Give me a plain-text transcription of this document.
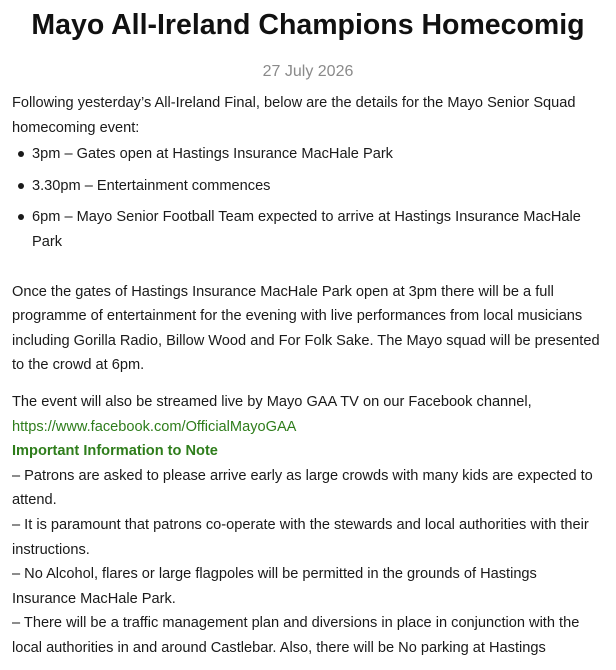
Mayo All-Ireland Champions Homecomig
27 July 2026

Following yesterday’s All-Ireland Final, below are the details for the Mayo Senior Squad homecoming event:

3pm – Gates open at Hastings Insurance MacHale Park
3.30pm – Entertainment commences
6pm – Mayo Senior Football Team expected to arrive at Hastings Insurance MacHale Park

Once the gates of Hastings Insurance MacHale Park open at 3pm there will be a full programme of entertainment for the evening with live performances from local musicians including Gorilla Radio, Billow Wood and For Folk Sake. The Mayo squad will be presented to the crowd at 6pm.

The event will also be streamed live by Mayo GAA TV on our Facebook channel, https://www.facebook.com/OfficialMayoGAA

Important Information to Note
– Patrons are asked to please arrive early as large crowds with many kids are expected to attend.
– It is paramount that patrons co-operate with the stewards and local authorities with their instructions.
– No Alcohol, flares or large flagpoles will be permitted in the grounds of Hastings Insurance MacHale Park.
– There will be a traffic management plan and diversions in place in conjunction with the local authorities in and around Castlebar. Also, there will be No parking at Hastings
